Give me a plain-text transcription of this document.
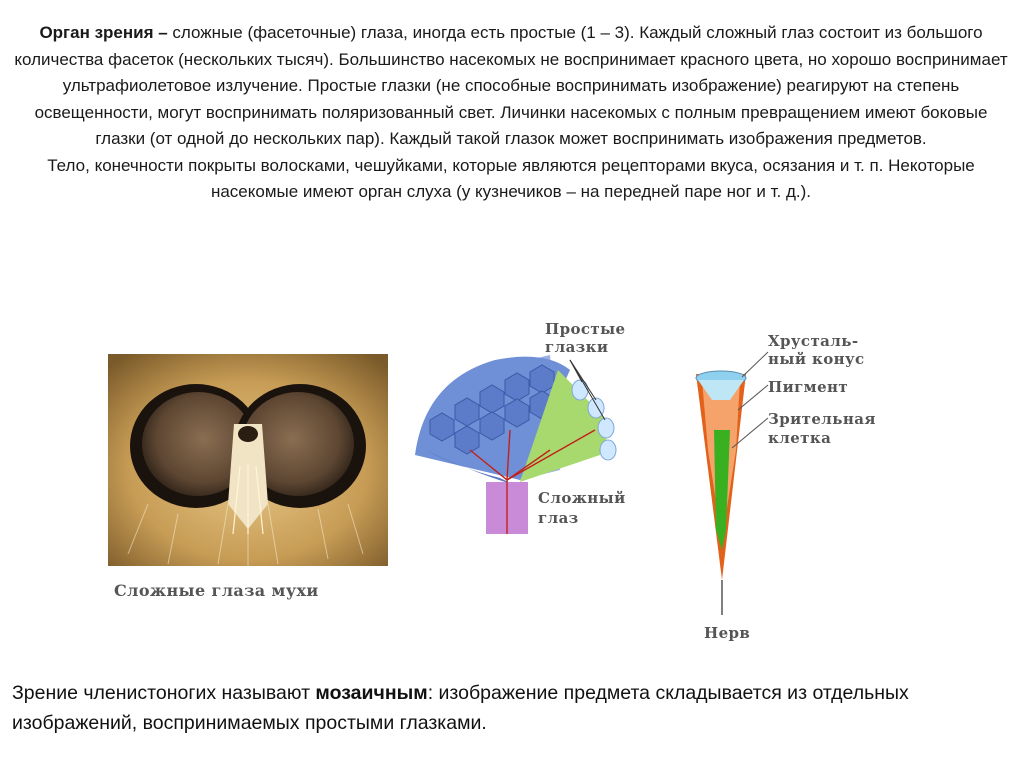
Орган зрения – сложные (фасеточные) глаза, иногда есть простые (1 – 3). Каждый сложный глаз состоит из большого количества фасеток (нескольких тысяч). Большинство насекомых не воспринимает красного цвета, но хорошо воспринимает ультрафиолетовое излучение. Простые глазки (не способные воспринимать изображение) реагируют на степень освещенности, могут воспринимать поляризованный свет. Личинки насекомых с полным превращением имеют боковые глазки (от одной до нескольких пар). Каждый такой глазок может воспринимать изображения предметов.

Тело, конечности покрыты волосками, чешуйками, которые являются рецепторами вкуса, осязания и т. п. Некоторые насекомые имеют орган слуха (у кузнечиков – на передней паре ног и т. д.).

Сложные глаза мухи
Простые
глазки
Сложный
глаз
Хрусталь-
ный конус
Пигмент
Зрительная
клетка
Нерв
Зрение членистоногих называют мозаичным: изображение предмета складывается из отдельных изображений, воспринимаемых простыми глазками.
